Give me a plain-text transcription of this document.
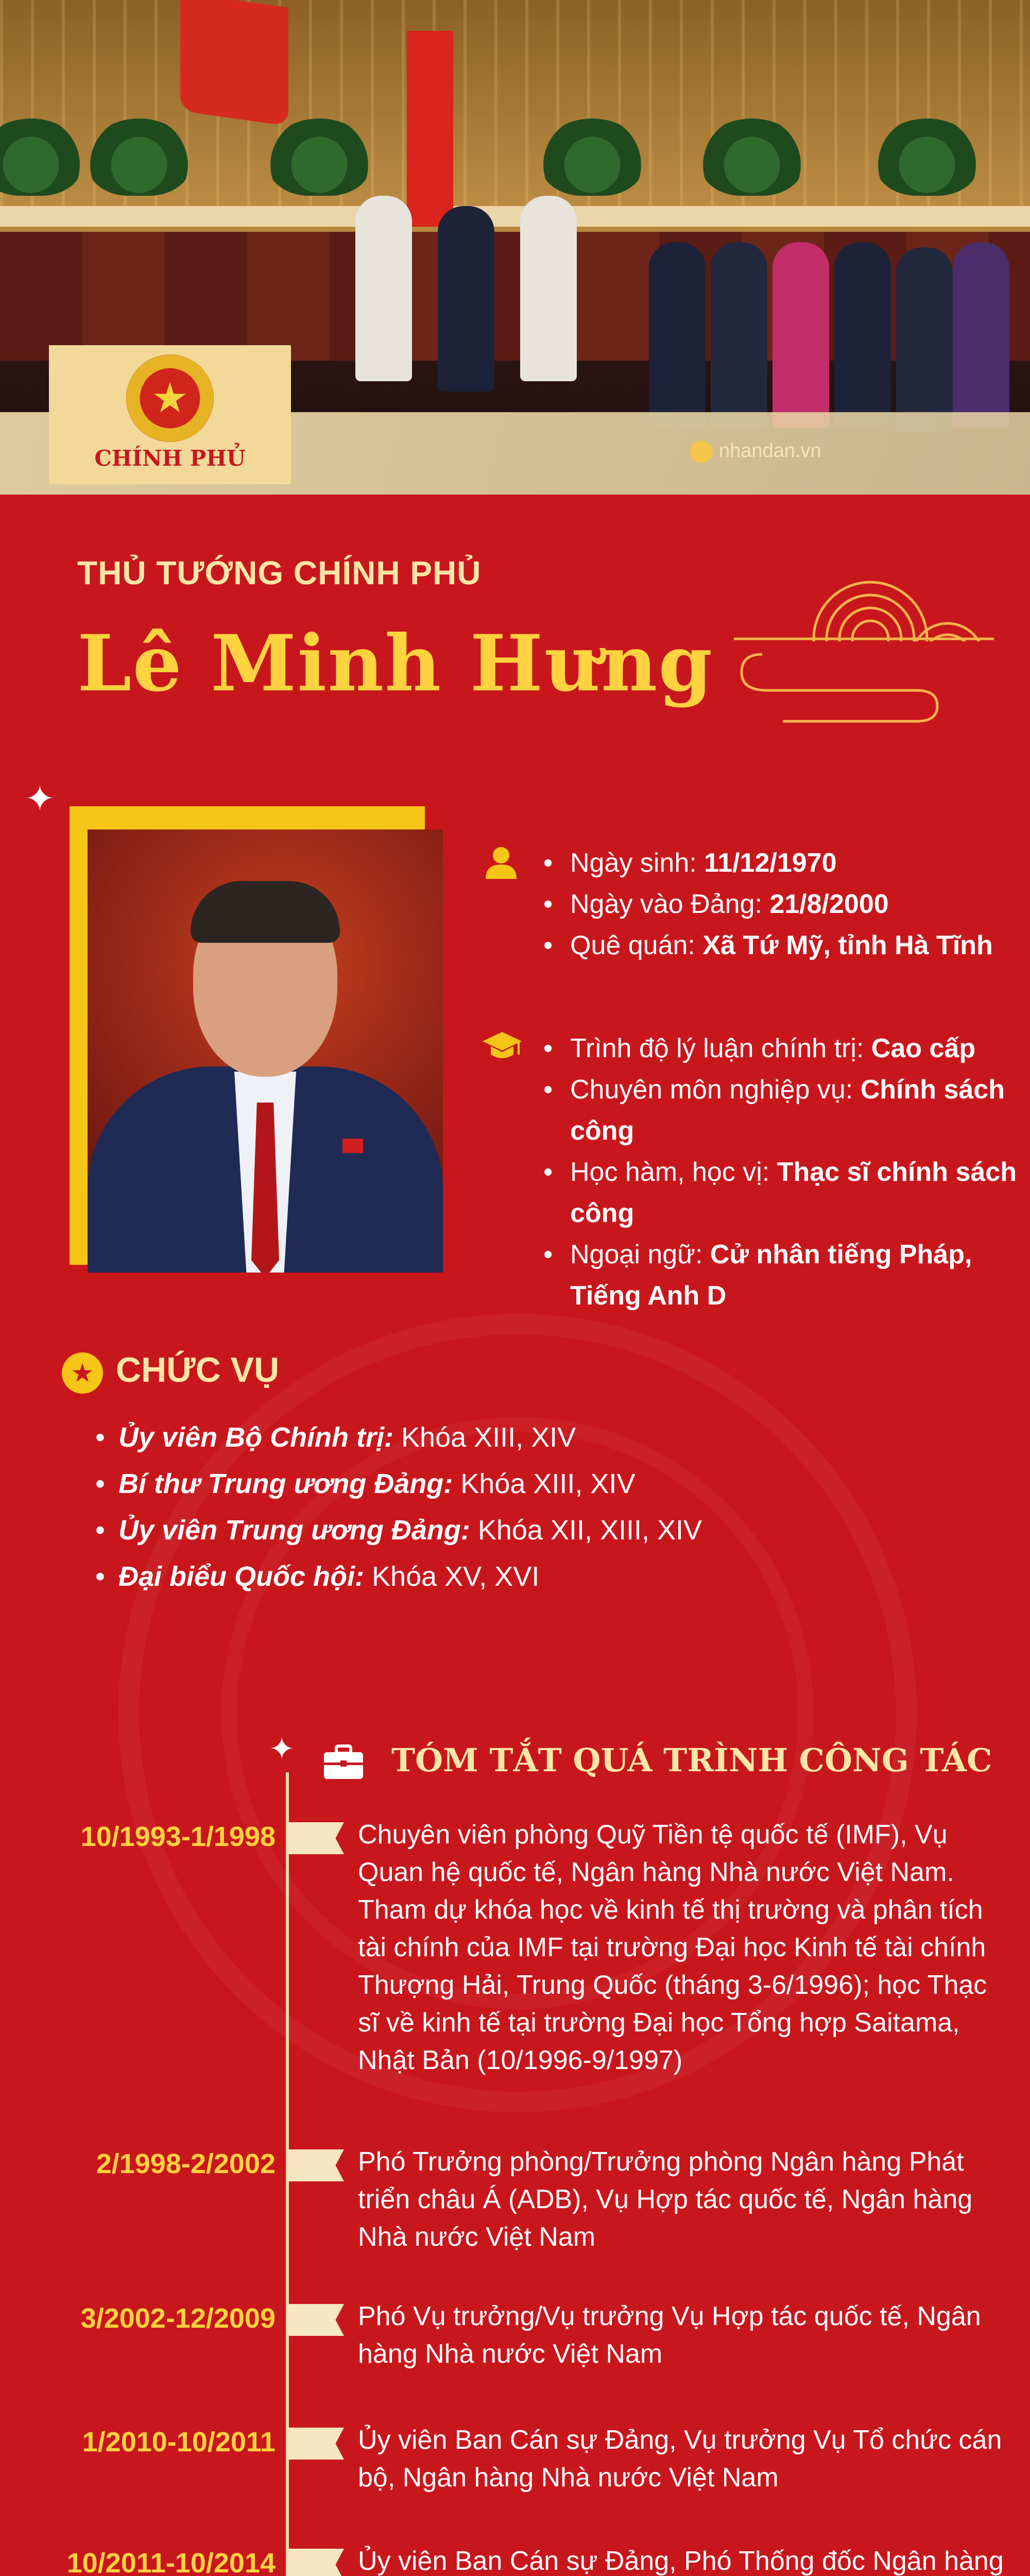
★
CHÍNH PHỦ	nhandan.vn
THỦ TƯỚNG CHÍNH PHỦ
Lê Minh Hưng
✦
• Ngày sinh: 11/12/1970
• Ngày vào Đảng: 21/8/2000
• Quê quán: Xã Tứ Mỹ, tỉnh Hà Tĩnh
• Trình độ lý luận chính trị: Cao cấp
• Chuyên môn nghiệp vụ: Chính sách công
• Học hàm, học vị: Thạc sĩ chính sách công
• Ngoại ngữ: Cử nhân tiếng Pháp, Tiếng Anh D
★ CHỨC VỤ
• Ủy viên Bộ Chính trị: Khóa XIII, XIV
• Bí thư Trung ương Đảng: Khóa XIII, XIV
• Ủy viên Trung ương Đảng: Khóa XII, XIII, XIV
• Đại biểu Quốc hội: Khóa XV, XVI
✦	TÓM TẮT QUÁ TRÌNH CÔNG TÁC
10/1993-1/1998	Chuyên viên phòng Quỹ Tiền tệ quốc tế (IMF), Vụ Quan hệ quốc tế, Ngân hàng Nhà nước Việt Nam. Tham dự khóa học về kinh tế thị trường và phân tích tài chính của IMF tại trường Đại học Kinh tế tài chính Thượng Hải, Trung Quốc (tháng 3-6/1996); học Thạc sĩ về kinh tế tại trường Đại học Tổng hợp Saitama, Nhật Bản (10/1996-9/1997)
2/1998-2/2002	Phó Trưởng phòng/Trưởng phòng Ngân hàng Phát triển châu Á (ADB), Vụ Hợp tác quốc tế, Ngân hàng Nhà nước Việt Nam
3/2002-12/2009	Phó Vụ trưởng/Vụ trưởng Vụ Hợp tác quốc tế, Ngân hàng Nhà nước Việt Nam
1/2010-10/2011	Ủy viên Ban Cán sự Đảng, Vụ trưởng Vụ Tổ chức cán bộ, Ngân hàng Nhà nước Việt Nam
10/2011-10/2014	Ủy viên Ban Cán sự Đảng, Phó Thống đốc Ngân hàng
